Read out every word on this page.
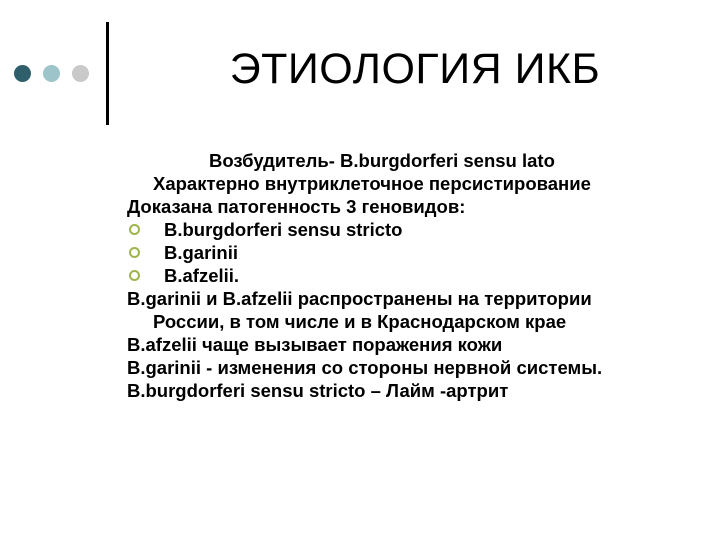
ЭТИОЛОГИЯ ИКБ
Возбудитель- B.burgdorferi sensu lato
Характерно внутриклеточное персистирование
Доказана патогенность 3 геновидов:
B.burgdorferi sensu stricto
B.garinii
B.afzelii.
B.garinii и B.afzelii распространены на территории
России, в том числе и в Краснодарском крае
B.afzelii чаще вызывает поражения кожи
B.garinii - изменения со стороны нервной системы.
B.burgdorferi sensu stricto – Лайм -артрит
